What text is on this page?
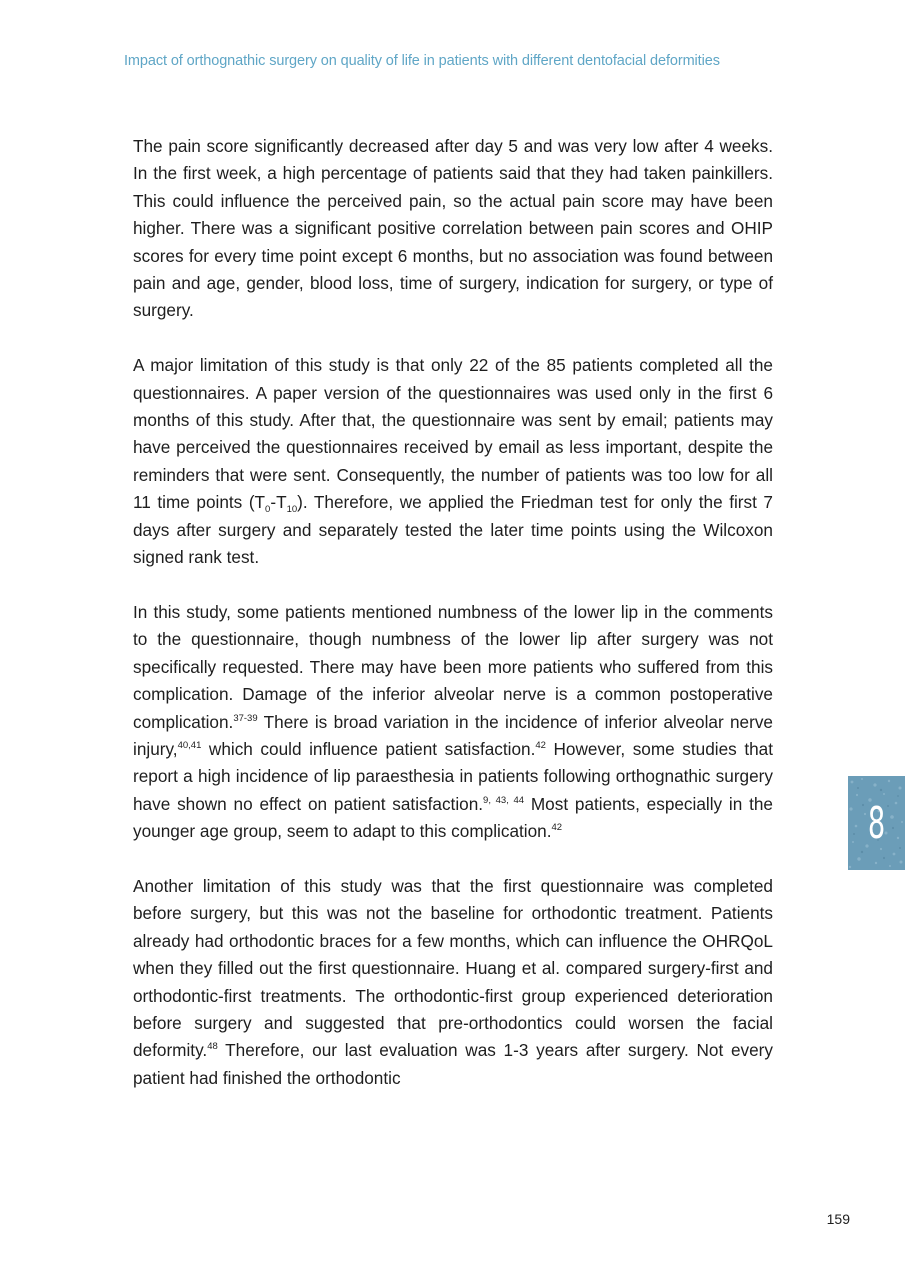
Impact of orthognathic surgery on quality of life in patients with different dentofacial deformities

The pain score significantly decreased after day 5 and was very low after 4 weeks. In the first week, a high percentage of patients said that they had taken painkillers. This could influence the perceived pain, so the actual pain score may have been higher. There was a significant positive correlation between pain scores and OHIP scores for every time point except 6 months, but no association was found between pain and age, gender, blood loss, time of surgery, indication for surgery, or type of surgery.

A major limitation of this study is that only 22 of the 85 patients completed all the questionnaires. A paper version of the questionnaires was used only in the first 6 months of this study. After that, the questionnaire was sent by email; patients may have perceived the questionnaires received by email as less important, despite the reminders that were sent. Consequently, the number of patients was too low for all 11 time points $(T_0-T_{10})$. Therefore, we applied the Friedman test for only the first 7 days after surgery and separately tested the later time points using the Wilcoxon signed rank test.

In this study, some patients mentioned numbness of the lower lip in the comments to the questionnaire, though numbness of the lower lip after surgery was not specifically requested. There may have been more patients who suffered from this complication. Damage of the inferior alveolar nerve is a common postoperative complication.$^{37-39}$ There is broad variation in the incidence of inferior alveolar nerve injury,$^{40,41}$ which could influence patient satisfaction.$^{42}$ However, some studies that report a high incidence of lip paraesthesia in patients following orthognathic surgery have shown no effect on patient satisfaction.$^{9, 43, 44}$ Most patients, especially in the younger age group, seem to adapt to this complication.$^{42}$

Another limitation of this study was that the first questionnaire was completed before surgery, but this was not the baseline for orthodontic treatment. Patients already had orthodontic braces for a few months, which can influence the OHRQoL when they filled out the first questionnaire. Huang et al. compared surgery-first and orthodontic-first treatments. The orthodontic-first group experienced deterioration before surgery and suggested that pre-orthodontics could worsen the facial deformity.$^{48}$ Therefore, our last evaluation was 1-3 years after surgery. Not every patient had finished the orthodontic

8
159
